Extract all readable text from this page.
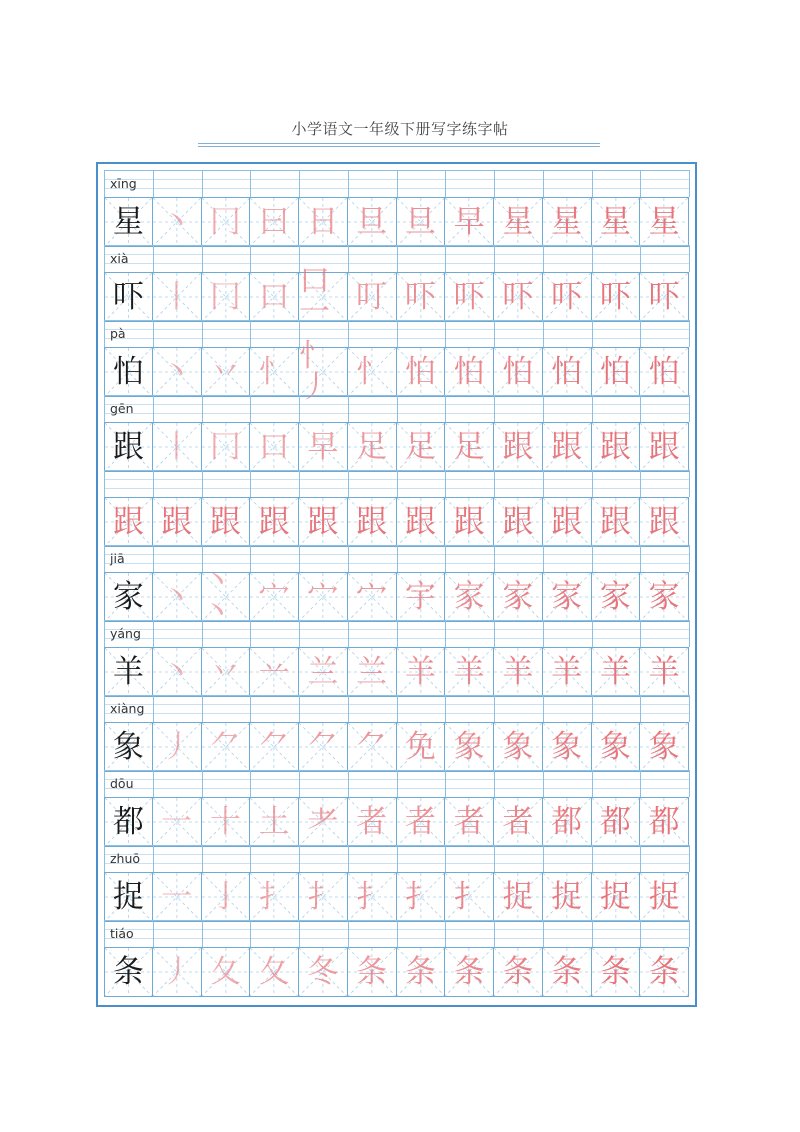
小学语文一年级下册写字练字帖
xīng
星 丶 冂 曰 日 旦 旦 早 星 星 星 星
xià
吓 丨 冂 口 口一 叮 吓 吓 吓 吓 吓 吓
pà
怕 丶 丷 忄 忄丿 忄 怕 怕 怕 怕 怕 怕
gēn
跟 丨 冂 口 早 足 足 足 跟 跟 跟 跟
跟 跟 跟 跟 跟 跟 跟 跟 跟 跟 跟 跟
jiā
家 丶 丶丶 宀 宀 宀 宇 家 家 家 家 家
yáng
羊 丶 丷 䒑 兰 兰 羊 羊 羊 羊 羊 羊
xiàng
象 丿 ⺈ ⺈ ⺈ ⺈ 免 象 象 象 象 象
dōu
都 一 十 土 耂 者 者 者 者 都 都 都
zhuō
捉 一 亅 扌 扌 扌 扌 扌 捉 捉 捉 捉
tiáo
条 丿 夂 夂 冬 条 条 条 条 条 条 条
